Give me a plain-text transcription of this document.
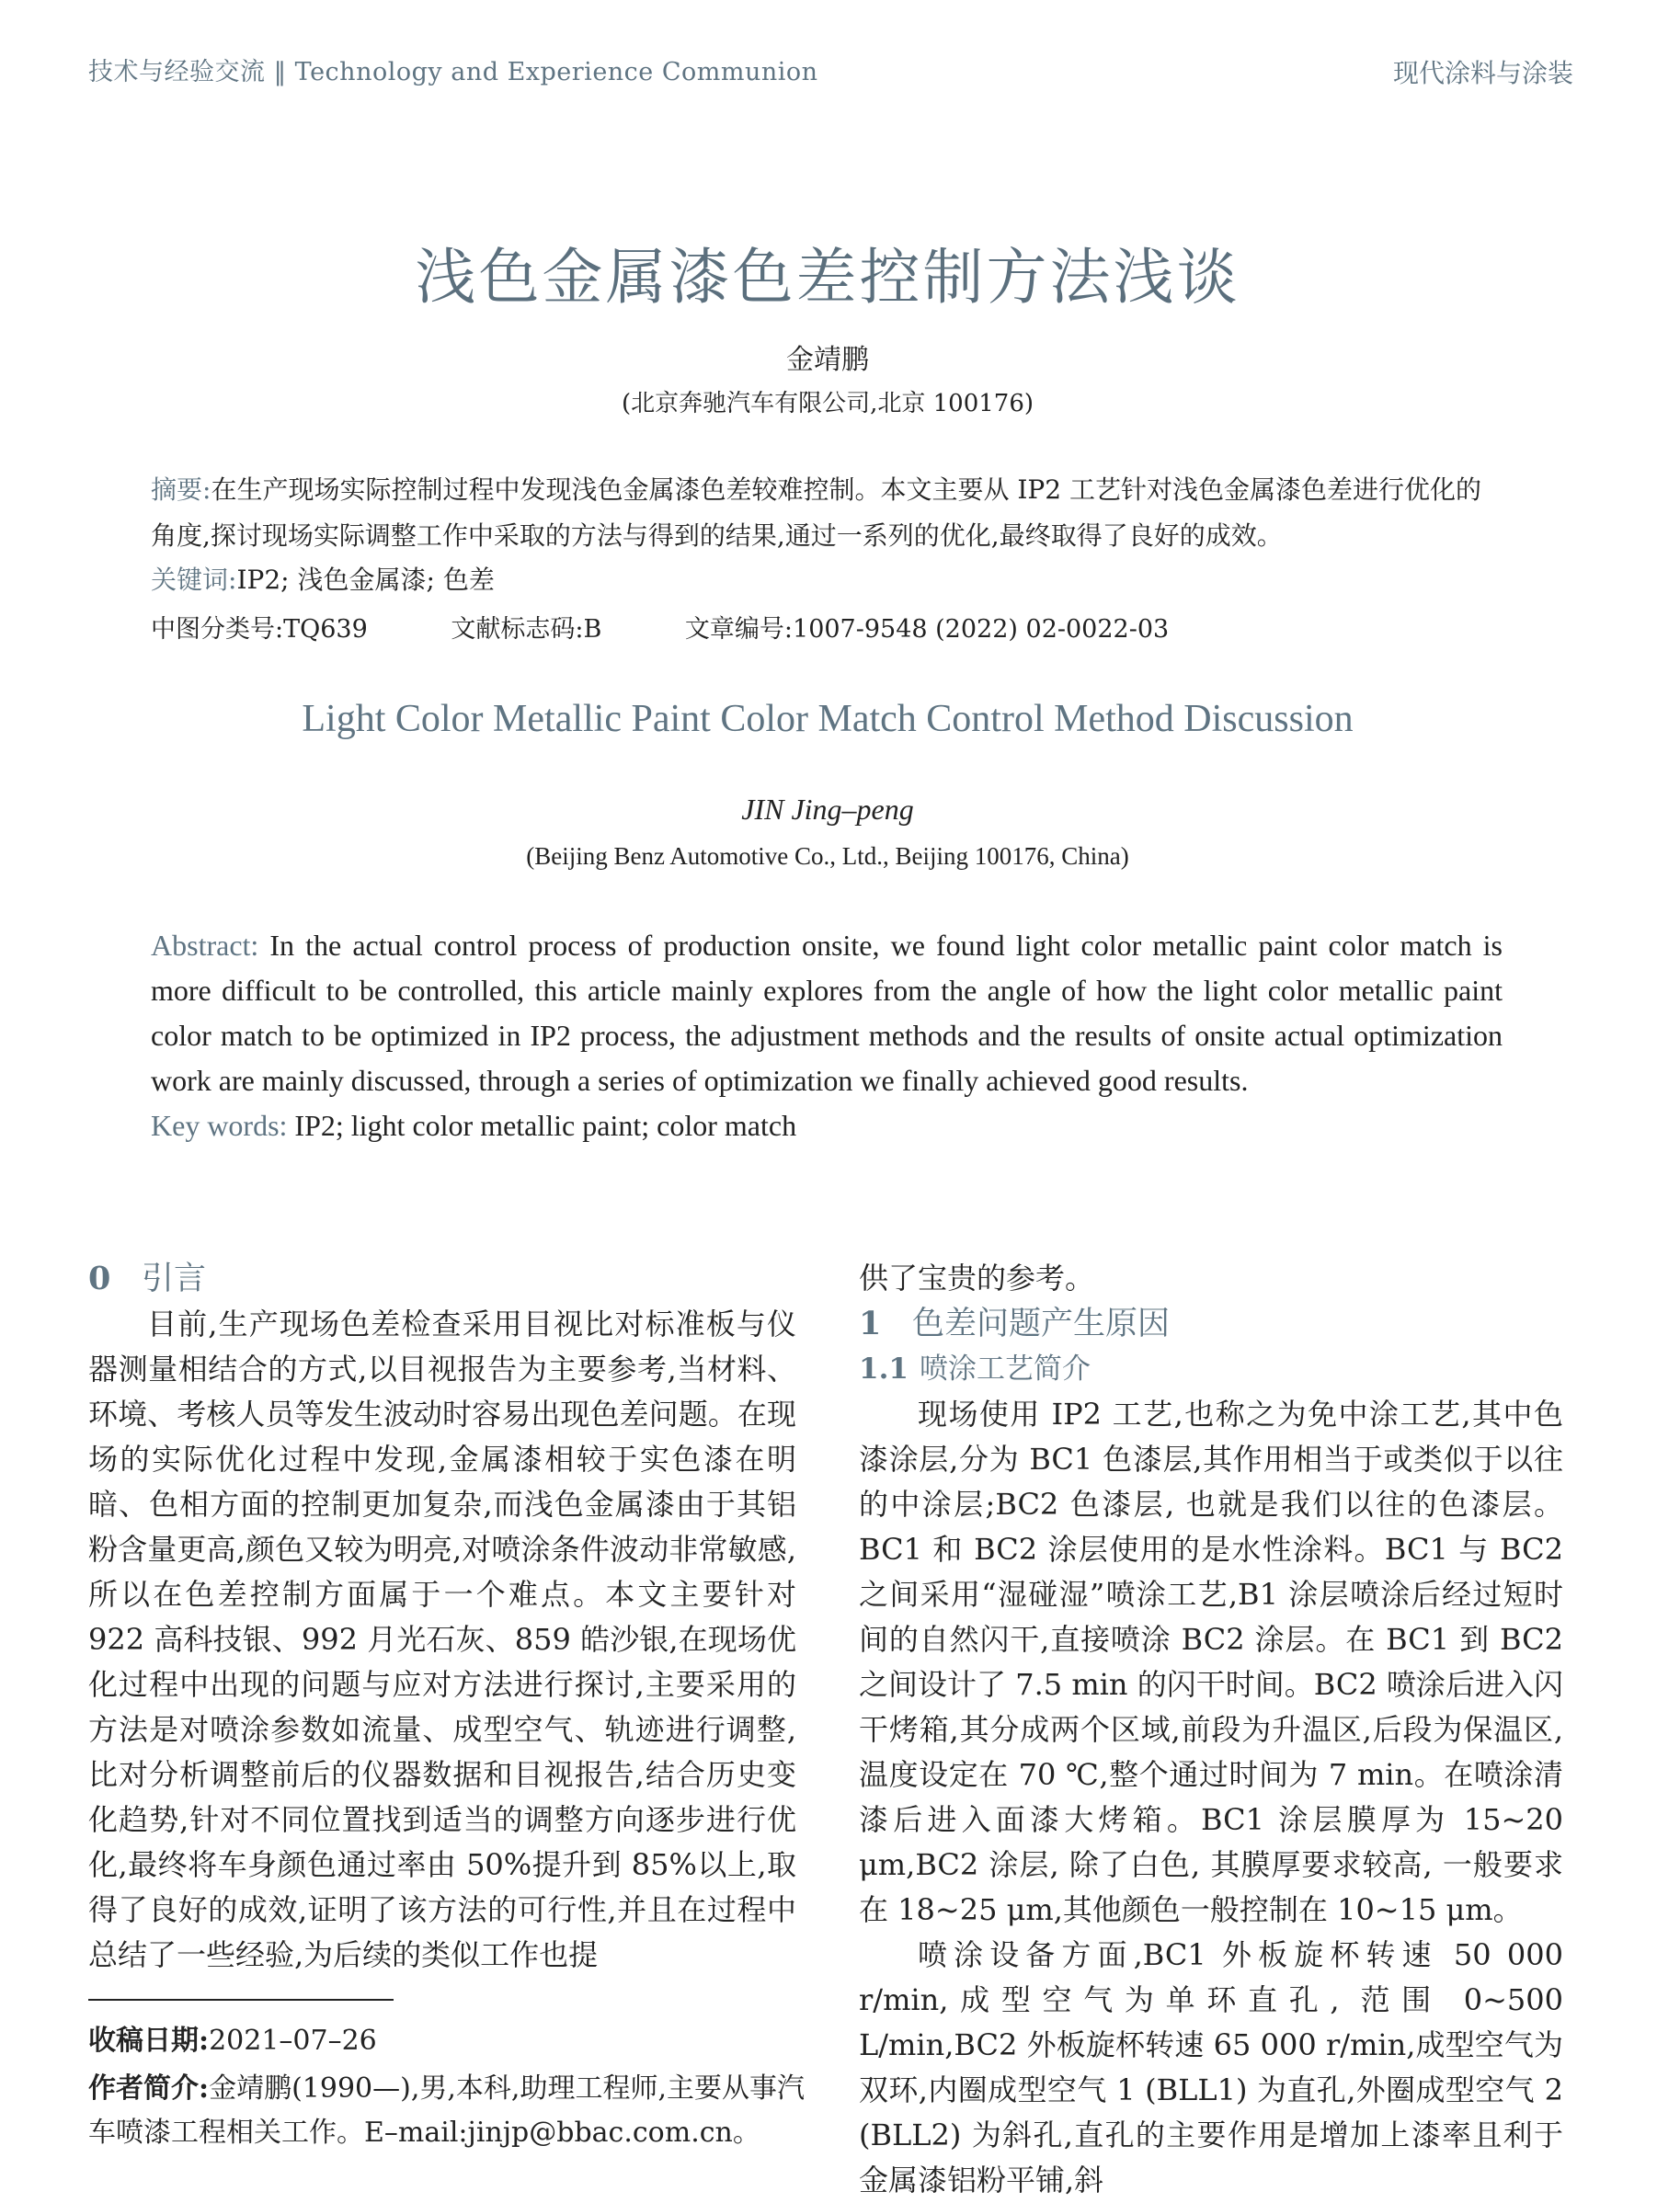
技术与经验交流 ‖ Technology and Experience Communion	现代涂料与涂装
浅色金属漆色差控制方法浅谈
金靖鹏
(北京奔驰汽车有限公司,北京 100176)
摘要:在生产现场实际控制过程中发现浅色金属漆色差较难控制。本文主要从 IP2 工艺针对浅色金属漆色差进行优化的角度,探讨现场实际调整工作中采取的方法与得到的结果,通过一系列的优化,最终取得了良好的成效。
关键词:IP2; 浅色金属漆; 色差
中图分类号:TQ639	文献标志码:B	文章编号:1007-9548 (2022) 02-0022-03
Light Color Metallic Paint Color Match Control Method Discussion
JIN Jing–peng
(Beijing Benz Automotive Co., Ltd., Beijing 100176, China)
Abstract: In the actual control process of production onsite, we found light color metallic paint color match is more difficult to be controlled, this article mainly explores from the angle of how the light color metallic paint color match to be optimized in IP2 process, the adjustment methods and the results of onsite actual optimization work are mainly discussed, through a series of optimization we finally achieved good results.
Key words: IP2; light color metallic paint; color match
0 引言

目前,生产现场色差检查采用目视比对标准板与仪器测量相结合的方式,以目视报告为主要参考,当材料、环境、考核人员等发生波动时容易出现色差问题。在现场的实际优化过程中发现,金属漆相较于实色漆在明暗、色相方面的控制更加复杂,而浅色金属漆由于其铝粉含量更高,颜色又较为明亮,对喷涂条件波动非常敏感,所以在色差控制方面属于一个难点。本文主要针对 922 高科技银、992 月光石灰、859 皓沙银,在现场优化过程中出现的问题与应对方法进行探讨,主要采用的方法是对喷涂参数如流量、成型空气、轨迹进行调整,比对分析调整前后的仪器数据和目视报告,结合历史变化趋势,针对不同位置找到适当的调整方向逐步进行优化,最终将车身颜色通过率由 50%提升到 85%以上,取得了良好的成效,证明了该方法的可行性,并且在过程中总结了一些经验,为后续的类似工作也提

收稿日期:2021–07–26
作者简介:金靖鹏(1990—),男,本科,助理工程师,主要从事汽车喷漆工程相关工作。E–mail:jinjp@bbac.com.cn。

供了宝贵的参考。

1 色差问题产生原因
1.1 喷涂工艺简介

现场使用 IP2 工艺,也称之为免中涂工艺,其中色漆涂层,分为 BC1 色漆层,其作用相当于或类似于以往的中涂层;BC2 色漆层, 也就是我们以往的色漆层。BC1 和 BC2 涂层使用的是水性涂料。BC1 与 BC2 之间采用“湿碰湿”喷涂工艺,B1 涂层喷涂后经过短时间的自然闪干,直接喷涂 BC2 涂层。在 BC1 到 BC2 之间设计了 7.5 min 的闪干时间。BC2 喷涂后进入闪干烤箱,其分成两个区域,前段为升温区,后段为保温区,温度设定在 70 ℃,整个通过时间为 7 min。在喷涂清漆后进入面漆大烤箱。BC1 涂层膜厚为 15~20 μm,BC2 涂层, 除了白色, 其膜厚要求较高, 一般要求在 18~25 μm,其他颜色一般控制在 10~15 μm。

喷涂设备方面,BC1 外板旋杯转速 50 000 r/min,成型空气为单环直孔, 范围 0~500 L/min,BC2 外板旋杯转速 65 000 r/min,成型空气为双环,内圈成型空气 1 (BLL1) 为直孔,外圈成型空气 2 (BLL2) 为斜孔,直孔的主要作用是增加上漆率且利于金属漆铝粉平铺,斜
